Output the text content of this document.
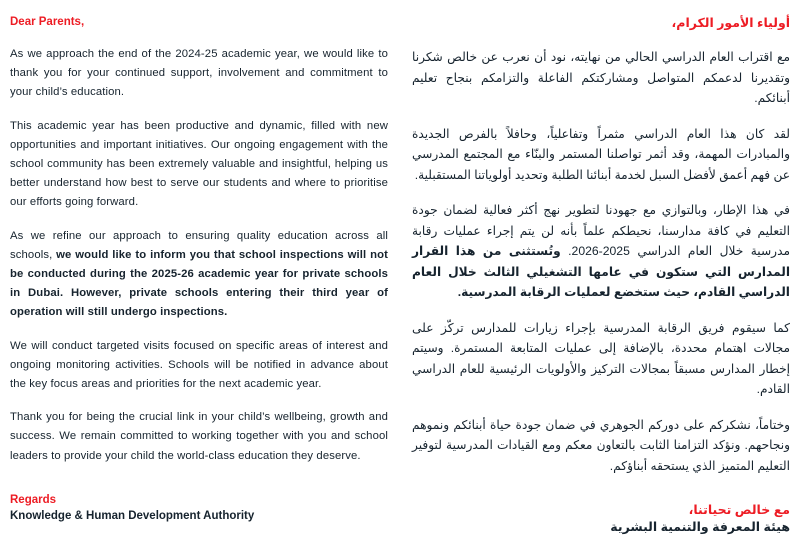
Dear Parents,

As we approach the end of the 2024-25 academic year, we would like to thank you for your continued support, involvement and commitment to your child’s education.

This academic year has been productive and dynamic, filled with new opportunities and important initiatives. Our ongoing engagement with the school community has been extremely valuable and insightful, helping us better understand how best to serve our students and where to prioritise our efforts going forward.

As we refine our approach to ensuring quality education across all schools, we would like to inform you that school inspections will not be conducted during the 2025-26 academic year for private schools in Dubai. However, private schools entering their third year of operation will still undergo inspections.

We will conduct targeted visits focused on specific areas of interest and ongoing monitoring activities. Schools will be notified in advance about the key focus areas and priorities for the next academic year.

Thank you for being the crucial link in your child’s wellbeing, growth and success. We remain committed to working together with you and school leaders to provide your child the world-class education they deserve.

Regards
Knowledge & Human Development Authority
أولياء الأمور الكرام،

مع اقتراب العام الدراسي الحالي من نهايته، نود أن نعرب عن خالص شكرنا وتقديرنا لدعمكم المتواصل ومشاركتكم الفاعلة والتزامكم بنجاح تعليم أبنائكم.

لقد كان هذا العام الدراسي مثمراً وتفاعلياً، وحافلاً بالفرص الجديدة والمبادرات المهمة، وقد أثمر تواصلنا المستمر والبنّاء مع المجتمع المدرسي عن فهم أعمق لأفضل السبل لخدمة أبنائنا الطلبة وتحديد أولوياتنا المستقبلية.

في هذا الإطار، وبالتوازي مع جهودنا لتطوير نهج أكثر فعالية لضمان جودة التعليم في كافة مدارسنا، نحيطكم علماً بأنه لن يتم إجراء عمليات رقابة مدرسية خلال العام الدراسي 2025-2026. وتُستثنى من هذا القرار المدارس التي ستكون في عامها التشغيلي الثالث خلال العام الدراسي القادم، حيث ستخضع لعمليات الرقابة المدرسية.

كما سيقوم فريق الرقابة المدرسية بإجراء زيارات للمدارس تركّز على مجالات اهتمام محددة، بالإضافة إلى عمليات المتابعة المستمرة. وسيتم إخطار المدارس مسبقاً بمجالات التركيز والأولويات الرئيسية للعام الدراسي القادم.

وختاماً، نشكركم على دوركم الجوهري في ضمان جودة حياة أبنائكم ونموهم ونجاحهم. ونؤكد التزامنا الثابت بالتعاون معكم ومع القيادات المدرسية لتوفير التعليم المتميز الذي يستحقه أبناؤكم.

مع خالص تحياتنا،
هيئة المعرفة والتنمية البشرية
